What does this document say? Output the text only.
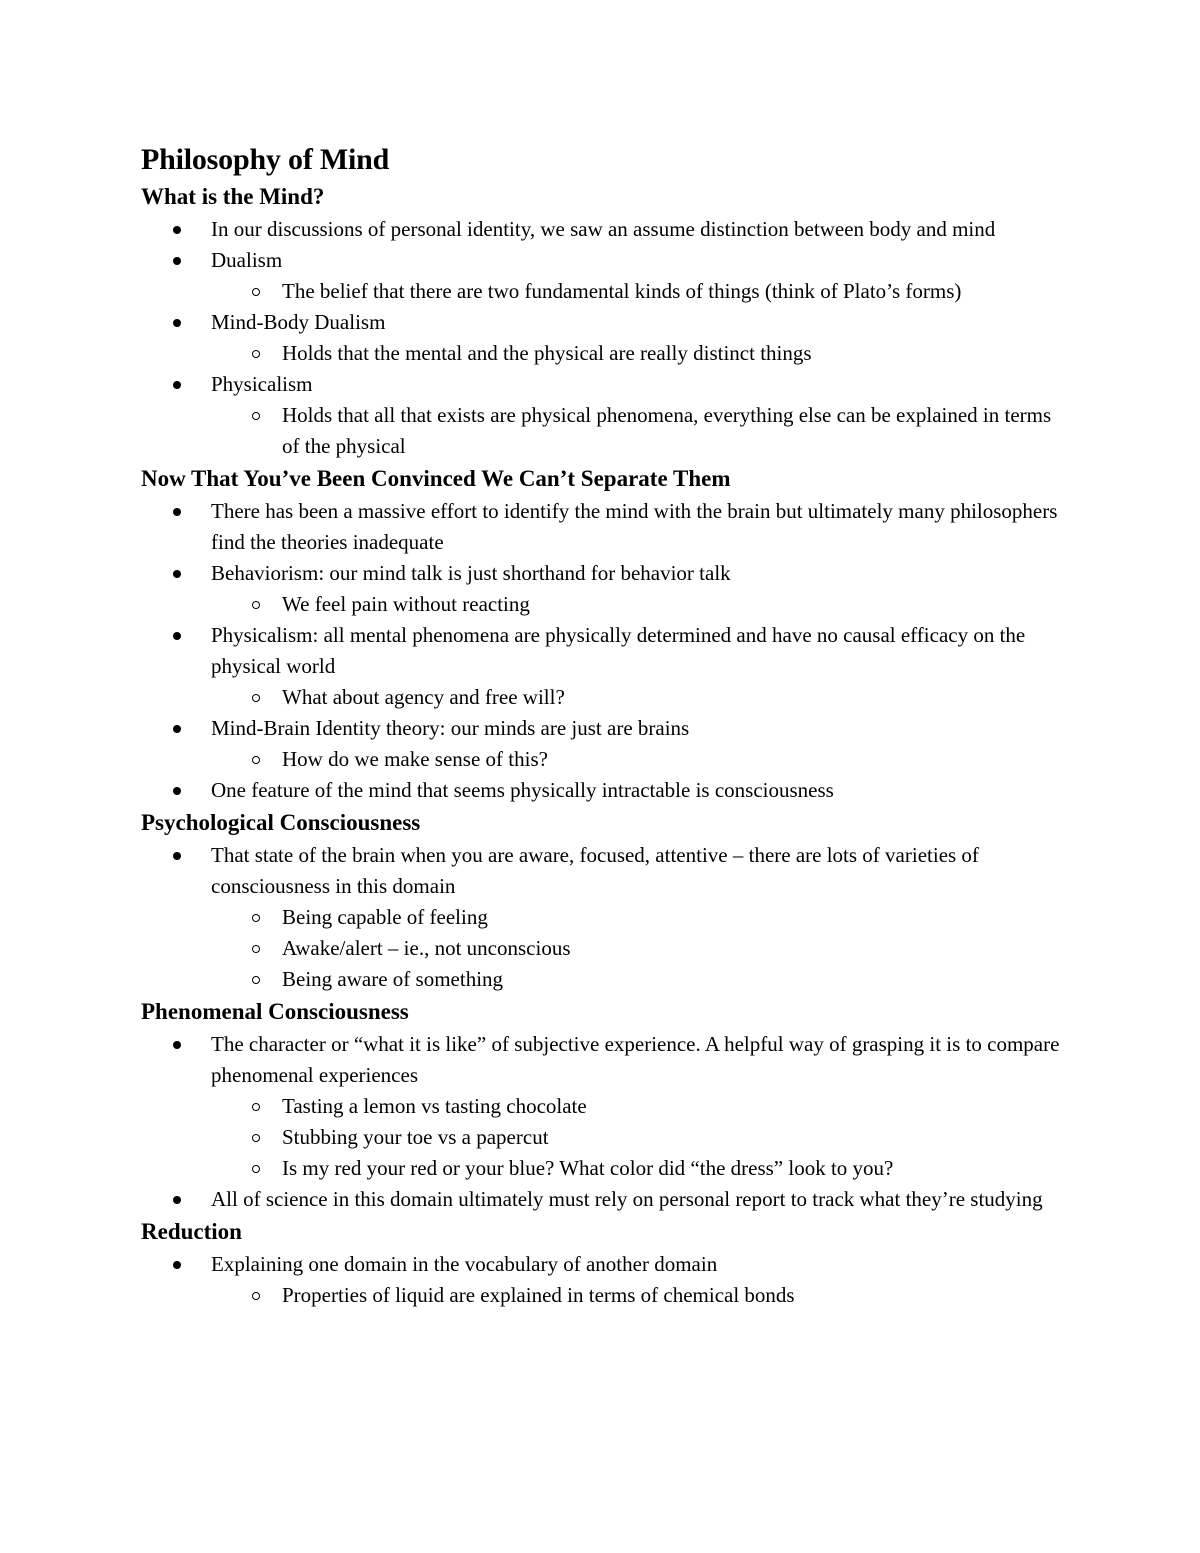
Philosophy of Mind
What is the Mind?
In our discussions of personal identity, we saw an assume distinction between body and mind
Dualism
The belief that there are two fundamental kinds of things (think of Plato’s forms)
Mind-Body Dualism
Holds that the mental and the physical are really distinct things
Physicalism
Holds that all that exists are physical phenomena, everything else can be explained in terms of the physical
Now That You’ve Been Convinced We Can’t Separate Them
There has been a massive effort to identify the mind with the brain but ultimately many philosophers find the theories inadequate
Behaviorism: our mind talk is just shorthand for behavior talk
We feel pain without reacting
Physicalism: all mental phenomena are physically determined and have no causal efficacy on the physical world
What about agency and free will?
Mind-Brain Identity theory: our minds are just are brains
How do we make sense of this?
One feature of the mind that seems physically intractable is consciousness
Psychological Consciousness
That state of the brain when you are aware, focused, attentive – there are lots of varieties of consciousness in this domain
Being capable of feeling
Awake/alert – ie., not unconscious
Being aware of something
Phenomenal Consciousness
The character or “what it is like” of subjective experience. A helpful way of grasping it is to compare phenomenal experiences
Tasting a lemon vs tasting chocolate
Stubbing your toe vs a papercut
Is my red your red or your blue? What color did “the dress” look to you?
All of science in this domain ultimately must rely on personal report to track what they’re studying
Reduction
Explaining one domain in the vocabulary of another domain
Properties of liquid are explained in terms of chemical bonds
